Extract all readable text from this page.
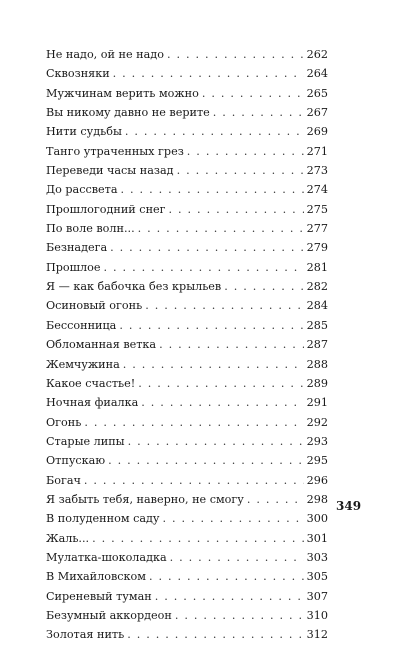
Не надо, ой не надо . . .	262
Сквозняки . . .	264
Мужчинам верить можно . . .	265
Вы никому давно не верите . . .	267
Нити судьбы . . .	269
Танго утраченных грез . . .	271
Переведи часы назад . . .	273
До рассвета . . .	274
Прошлогодний снег . . .	275
По воле волн... . . .	277
Безнадега . . .	279
Прошлое . . .	281
Я — как бабочка без крыльев . . .	282
Осиновый огонь . . .	284
Бессонница . . .	285
Обломанная ветка . . .	287
Жемчужина . . .	288
Какое счастье! . . .	289
Ночная фиалка . . .	291
Огонь . . .	292
Старые липы . . .	293
Отпускаю . . .	295
Богач . . .	296
Я забыть тебя, наверно, не смогу . . .	298
В полуденном саду . . .	300
Жаль... . . .	301
Мулатка-шоколадка . . .	303
В Михайловском . . .	305
Сиреневый туман . . .	307
Безумный аккордеон . . .	310
Золотая нить . . .	312
349
